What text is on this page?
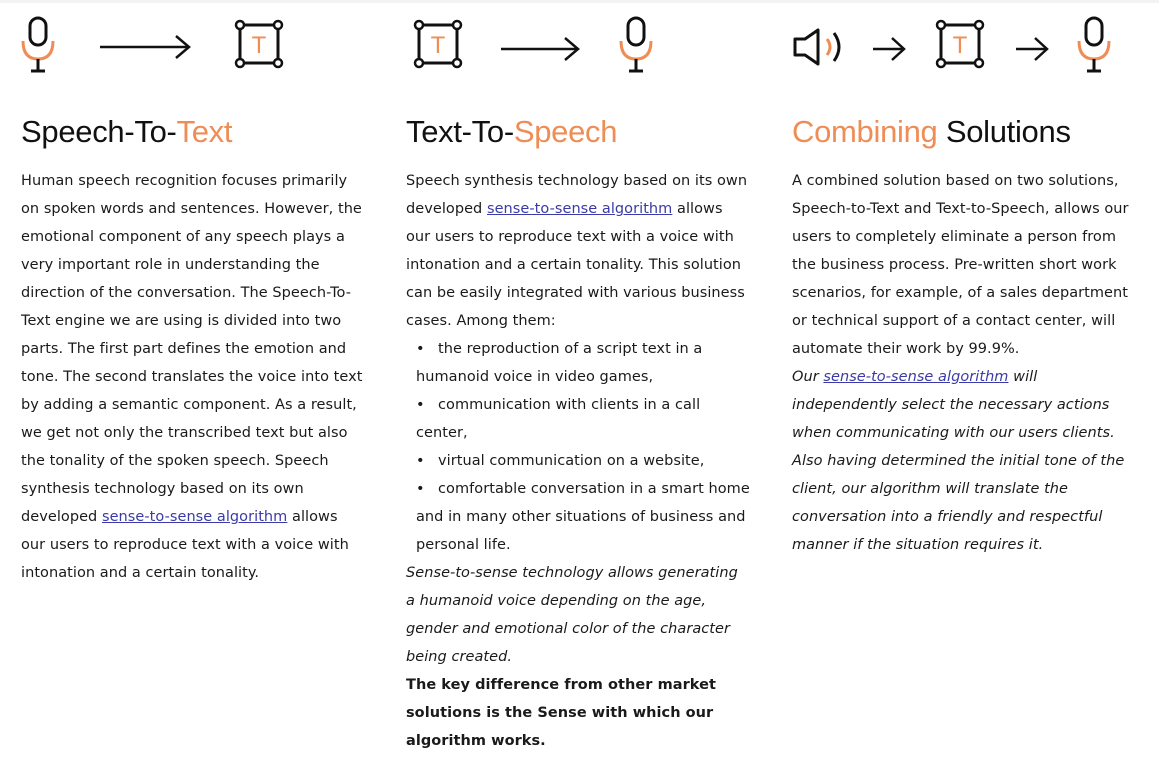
T
Speech-To-Text

Human speech recognition focuses primarily on spoken words and sentences. However, the emotional component of any speech plays a very important role in understanding the direction of the conversation. The Speech-To-Text engine we are using is divided into two parts. The first part defines the emotion and tone. The second translates the voice into text by adding a semantic component. As a result, we get not only the transcribed text but also the tonality of the spoken speech. Speech synthesis technology based on its own developed sense-to-sense algorithm allows our users to reproduce text with a voice with intonation and a certain tonality.

T
Text-To-Speech

Speech synthesis technology based on its own developed sense-to-sense algorithm allows our users to reproduce text with a voice with intonation and a certain tonality. This solution can be easily integrated with various business cases. Among them:

• the reproduction of a script text in a humanoid voice in video games,
• communication with clients in a call center,
• virtual communication on a website,
• comfortable conversation in a smart home and in many other situations of business and personal life.

Sense-to-sense technology allows generating a humanoid voice depending on the age, gender and emotional color of the character being created.

The key difference from other market solutions is the Sense with which our algorithm works.

T
Combining Solutions

A combined solution based on two solutions, Speech-to-Text and Text-to-Speech, allows our users to completely eliminate a person from the business process. Pre-written short work scenarios, for example, of a sales department or technical support of a contact center, will automate their work by 99.9%.

Our sense-to-sense algorithm will independently select the necessary actions when communicating with our users clients. Also having determined the initial tone of the client, our algorithm will translate the conversation into a friendly and respectful manner if the situation requires it.
